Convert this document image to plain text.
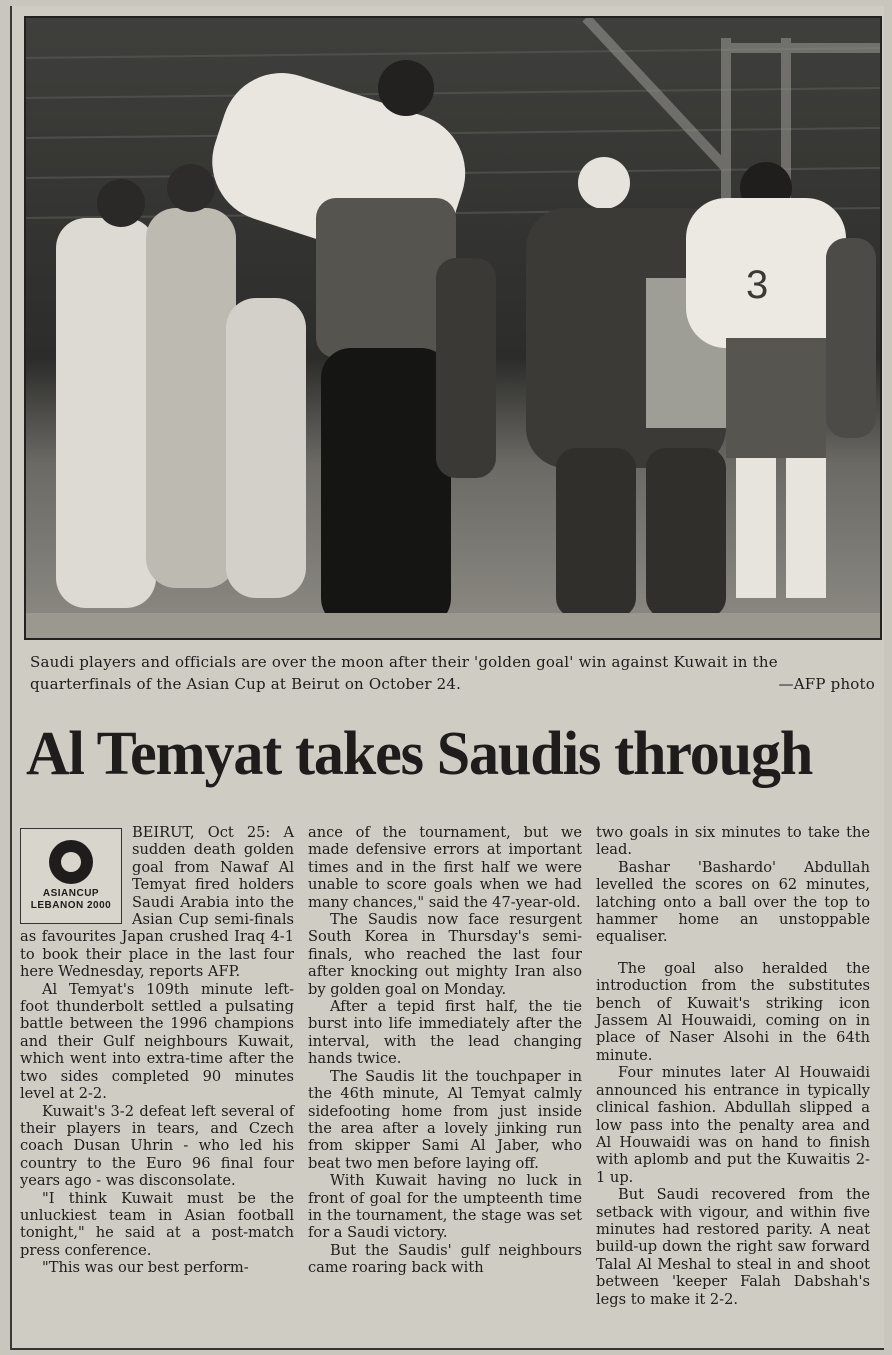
3
Saudi players and officials are over the moon after their 'golden goal' win against Kuwait in the quarterfinals of the Asian Cup at Beirut on October 24.	—AFP photo
Al Temyat takes Saudis through
ASIANCUP
LEBANON 2000

BEIRUT, Oct 25: A sudden death golden goal from Nawaf Al Temyat fired holders Saudi Arabia into the Asian Cup semi-finals as favourites Japan crushed Iraq 4-1 to book their place in the last four here Wednesday, reports AFP.

Al Temyat's 109th minute left-foot thunderbolt settled a pulsating battle between the 1996 champions and their Gulf neighbours Kuwait, which went into extra-time after the two sides completed 90 minutes level at 2-2.

Kuwait's 3-2 defeat left several of their players in tears, and Czech coach Dusan Uhrin - who led his country to the Euro 96 final four years ago - was disconsolate.

"I think Kuwait must be the unluckiest team in Asian football tonight," he said at a post-match press conference.

"This was our best perform-

ance of the tournament, but we made defensive errors at important times and in the first half we were unable to score goals when we had many chances," said the 47-year-old.

The Saudis now face resurgent South Korea in Thursday's semi-finals, who reached the last four after knocking out mighty Iran also by golden goal on Monday.

After a tepid first half, the tie burst into life immediately after the interval, with the lead changing hands twice.

The Saudis lit the touchpaper in the 46th minute, Al Temyat calmly sidefooting home from just inside the area after a lovely jinking run from skipper Sami Al Jaber, who beat two men before laying off.

With Kuwait having no luck in front of goal for the umpteenth time in the tournament, the stage was set for a Saudi victory.

But the Saudis' gulf neighbours came roaring back with

two goals in six minutes to take the lead.

Bashar 'Bashardo' Abdullah levelled the scores on 62 minutes, latching onto a ball over the top to hammer home an unstoppable equaliser.

The goal also heralded the introduction from the substitutes bench of Kuwait's striking icon Jassem Al Houwaidi, coming on in place of Naser Alsohi in the 64th minute.

Four minutes later Al Houwaidi announced his entrance in typically clinical fashion. Abdullah slipped a low pass into the penalty area and Al Houwaidi was on hand to finish with aplomb and put the Kuwaitis 2-1 up.

But Saudi recovered from the setback with vigour, and within five minutes had restored parity. A neat build-up down the right saw forward Talal Al Meshal to steal in and shoot between 'keeper Falah Dabshah's legs to make it 2-2.
